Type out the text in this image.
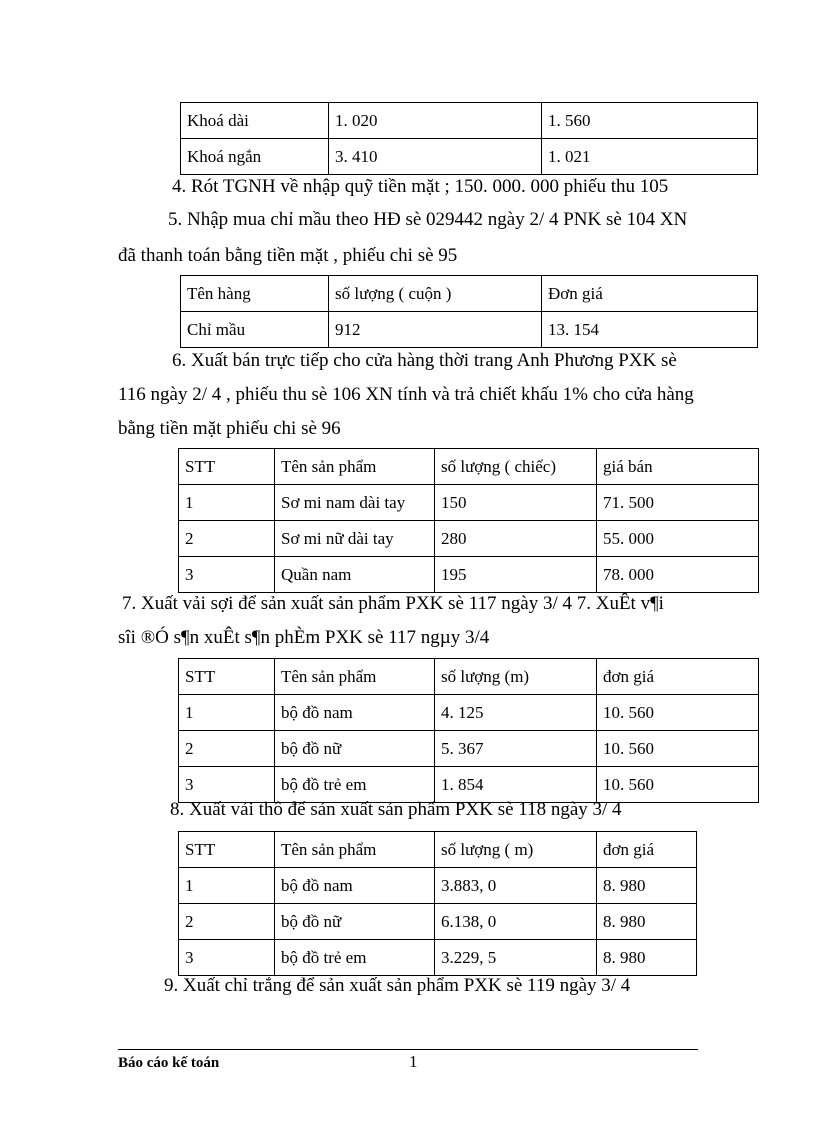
Khoá dài	1. 020	1. 560
Khoá ngắn	3. 410	1. 021
4. Rót TGNH về nhập quỹ tiền mặt ; 150. 000. 000 phiếu thu 105
5. Nhập mua chỉ mầu theo HĐ sè 029442 ngày 2/ 4 PNK sè 104 XN
đã thanh toán bằng tiền mặt , phiếu chi sè 95
Tên hàng	số lượng ( cuộn )	Đơn giá
Chỉ mầu	912	13. 154
6. Xuất bán trực tiếp cho cửa hàng thời trang Anh Phương PXK sè
116 ngày 2/ 4 , phiếu thu sè 106 XN tính và trả chiết khấu 1% cho cửa hàng
bằng tiền mặt phiếu chi sè 96
STT	Tên sản phẩm	số lượng ( chiếc)	giá bán
1	Sơ mi nam dài tay	150	71. 500
2	Sơ mi nữ dài tay	280	55. 000
3	Quần nam	195	78. 000
7. Xuất vải sợi để sản xuất sản phẩm PXK sè 117 ngày 3/ 4 7. XuÊt v¶i
sîi ®Ó s¶n xuÊt s¶n phÈm PXK sè 117 ngµy 3/4
STT	Tên sản phẩm	số lượng (m)	đơn giá
1	bộ đồ nam	4. 125	10. 560
2	bộ đồ nữ	5. 367	10. 560
3	bộ đồ trẻ em	1. 854	10. 560
8. Xuất vải thô để sản xuất sản phẩm PXK sè 118 ngày 3/ 4
STT	Tên sản phẩm	số lượng ( m)	đơn giá
1	bộ đồ nam	3.883, 0	8. 980
2	bộ đồ nữ	6.138, 0	8. 980
3	bộ đồ trẻ em	3.229, 5	8. 980
9. Xuất chỉ trắng để sản xuất sản phẩm PXK sè 119 ngày 3/ 4
Báo cáo kế toán	1
